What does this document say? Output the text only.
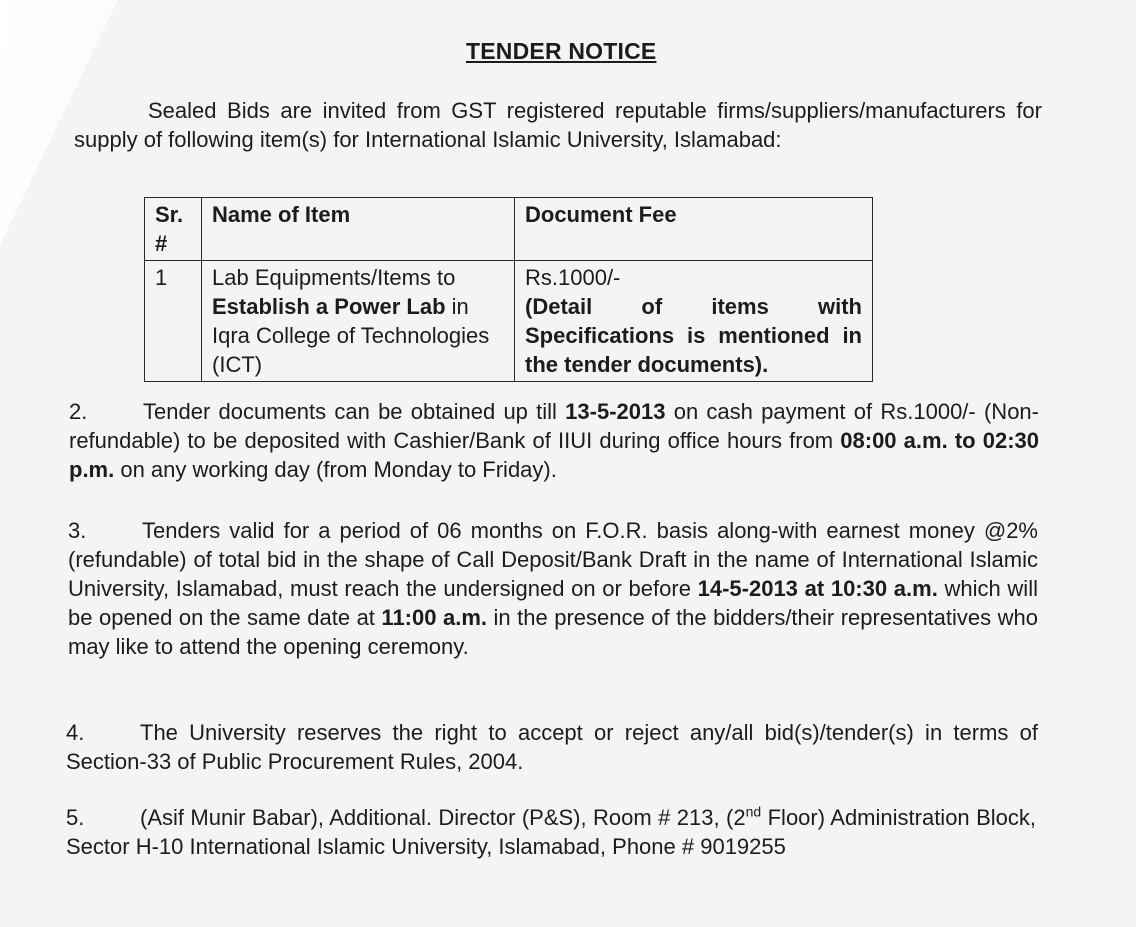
TENDER NOTICE
Sealed Bids are invited from GST registered reputable firms/suppliers/manufacturers for supply of following item(s) for International Islamic University, Islamabad:
Sr. #	Name of Item	Document Fee
1	Lab Equipments/Items to Establish a Power Lab in Iqra College of Technologies (ICT)	Rs.1000/-
(Detail of items with Specifications is mentioned in the tender documents).
2.	Tender documents can be obtained up till 13-5-2013 on cash payment of Rs.1000/- (Non-refundable) to be deposited with Cashier/Bank of IIUI during office hours from 08:00 a.m. to 02:30 p.m. on any working day (from Monday to Friday).
3.	Tenders valid for a period of 06 months on F.O.R. basis along-with earnest money @2% (refundable) of total bid in the shape of Call Deposit/Bank Draft in the name of International Islamic University, Islamabad, must reach the undersigned on or before 14-5-2013 at 10:30 a.m. which will be opened on the same date at 11:00 a.m. in the presence of the bidders/their representatives who may like to attend the opening ceremony.
4.	The University reserves the right to accept or reject any/all bid(s)/tender(s) in terms of Section-33 of Public Procurement Rules, 2004.
5.	(Asif Munir Babar), Additional. Director (P&S), Room # 213, (2nd Floor) Administration Block, Sector H-10 International Islamic University, Islamabad, Phone # 9019255
